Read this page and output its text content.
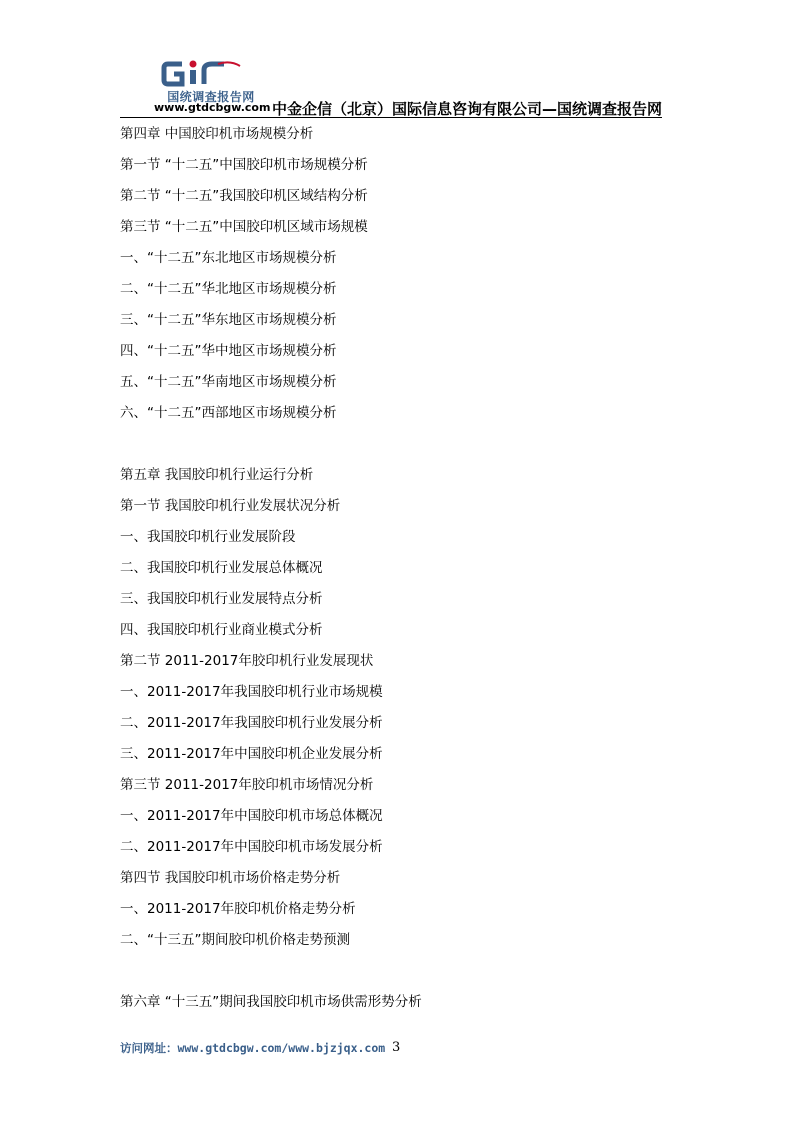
国统调查报告网
www.gtdcbgw.com 中金企信（北京）国际信息咨询有限公司—国统调查报告网
第四章 中国胶印机市场规模分析
第一节 “十二五”中国胶印机市场规模分析
第二节 “十二五”我国胶印机区域结构分析
第三节 “十二五”中国胶印机区域市场规模
一、“十二五”东北地区市场规模分析
二、“十二五”华北地区市场规模分析
三、“十二五”华东地区市场规模分析
四、“十二五”华中地区市场规模分析
五、“十二五”华南地区市场规模分析
六、“十二五”西部地区市场规模分析
第五章 我国胶印机行业运行分析
第一节 我国胶印机行业发展状况分析
一、我国胶印机行业发展阶段
二、我国胶印机行业发展总体概况
三、我国胶印机行业发展特点分析
四、我国胶印机行业商业模式分析
第二节 2011-2017年胶印机行业发展现状
一、2011-2017年我国胶印机行业市场规模
二、2011-2017年我国胶印机行业发展分析
三、2011-2017年中国胶印机企业发展分析
第三节 2011-2017年胶印机市场情况分析
一、2011-2017年中国胶印机市场总体概况
二、2011-2017年中国胶印机市场发展分析
第四节 我国胶印机市场价格走势分析
一、2011-2017年胶印机价格走势分析
二、“十三五”期间胶印机价格走势预测
第六章 “十三五”期间我国胶印机市场供需形势分析
访问网址：www.gtdcbgw.com/www.bjzjqx.com 3
